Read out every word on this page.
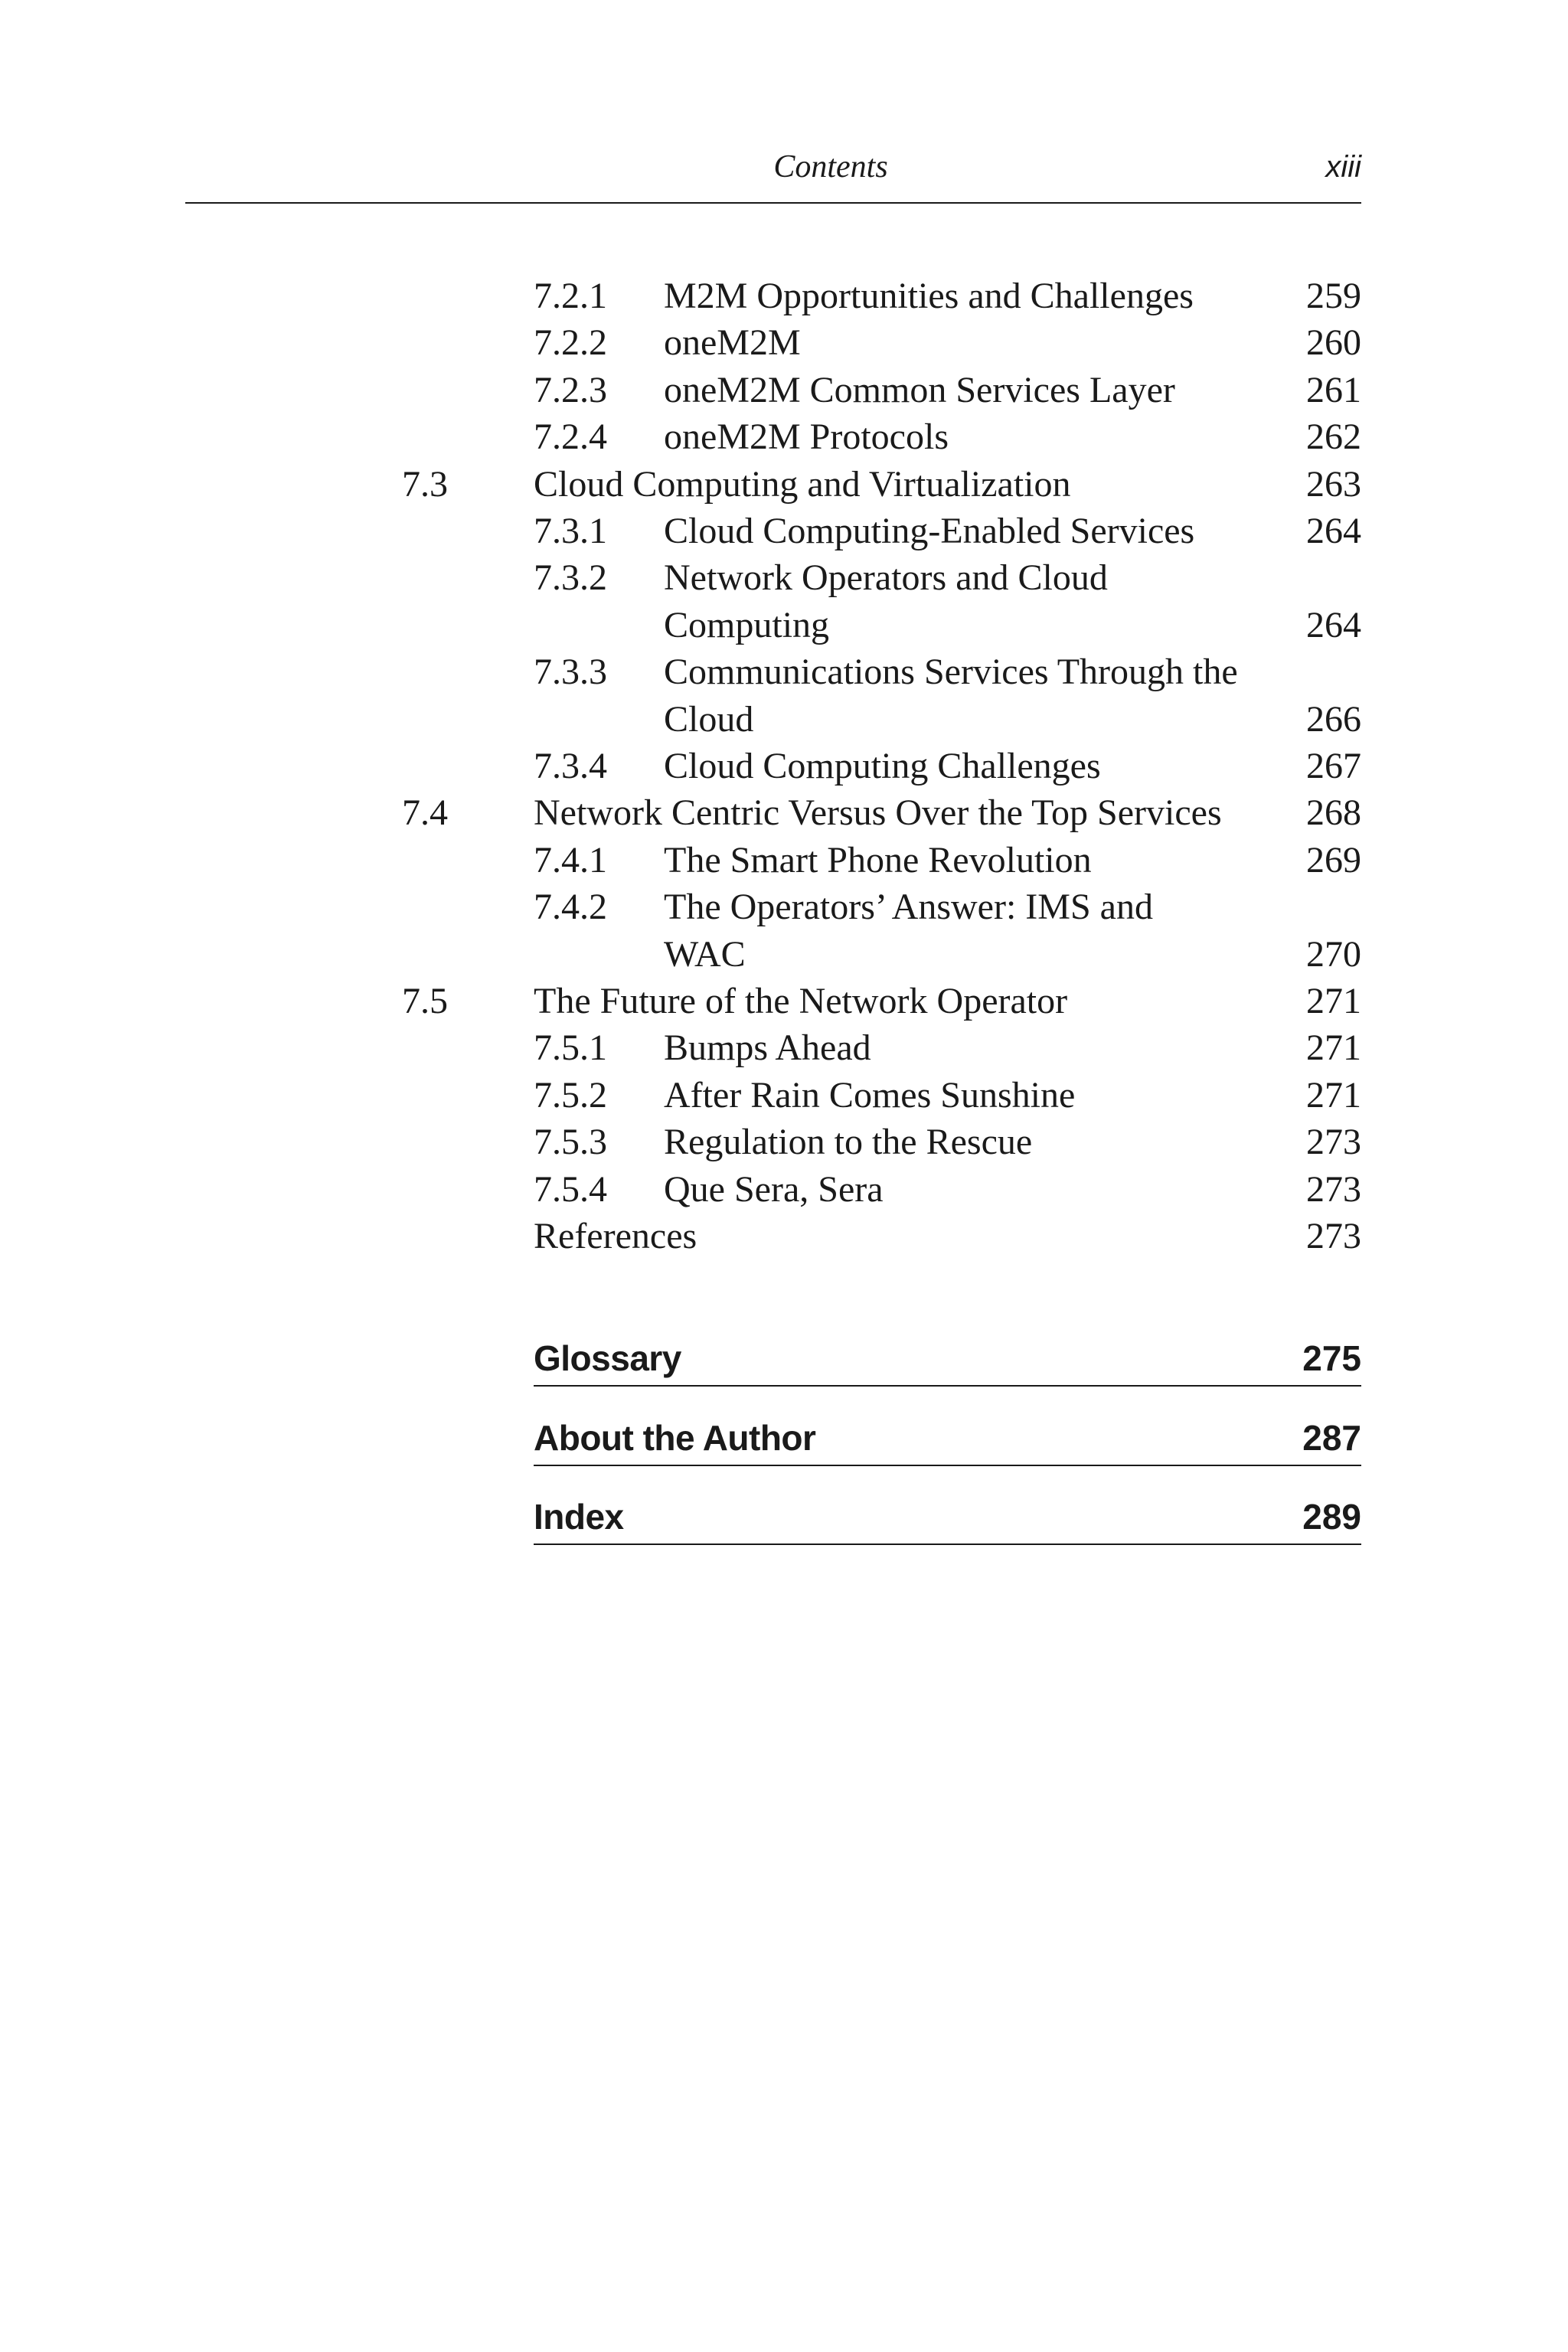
Contents	xiii
7.2.1 M2M Opportunities and Challenges	259
7.2.2 oneM2M	260
7.2.3 oneM2M Common Services Layer	261
7.2.4 oneM2M Protocols	262
7.3 Cloud Computing and Virtualization	263
7.3.1 Cloud Computing-Enabled Services	264
7.3.2 Network Operators and Cloud
Computing	264
7.3.3 Communications Services Through the
Cloud	266
7.3.4 Cloud Computing Challenges	267
7.4 Network Centric Versus Over the Top Services 268
7.4.1 The Smart Phone Revolution	269
7.4.2 The Operators’ Answer: IMS and
WAC	270
7.5 The Future of the Network Operator	271
7.5.1 Bumps Ahead	271
7.5.2 After Rain Comes Sunshine	271
7.5.3 Regulation to the Rescue	273
7.5.4 Que Sera, Sera	273
References	273
Glossary	275
About the Author	287
Index	289
